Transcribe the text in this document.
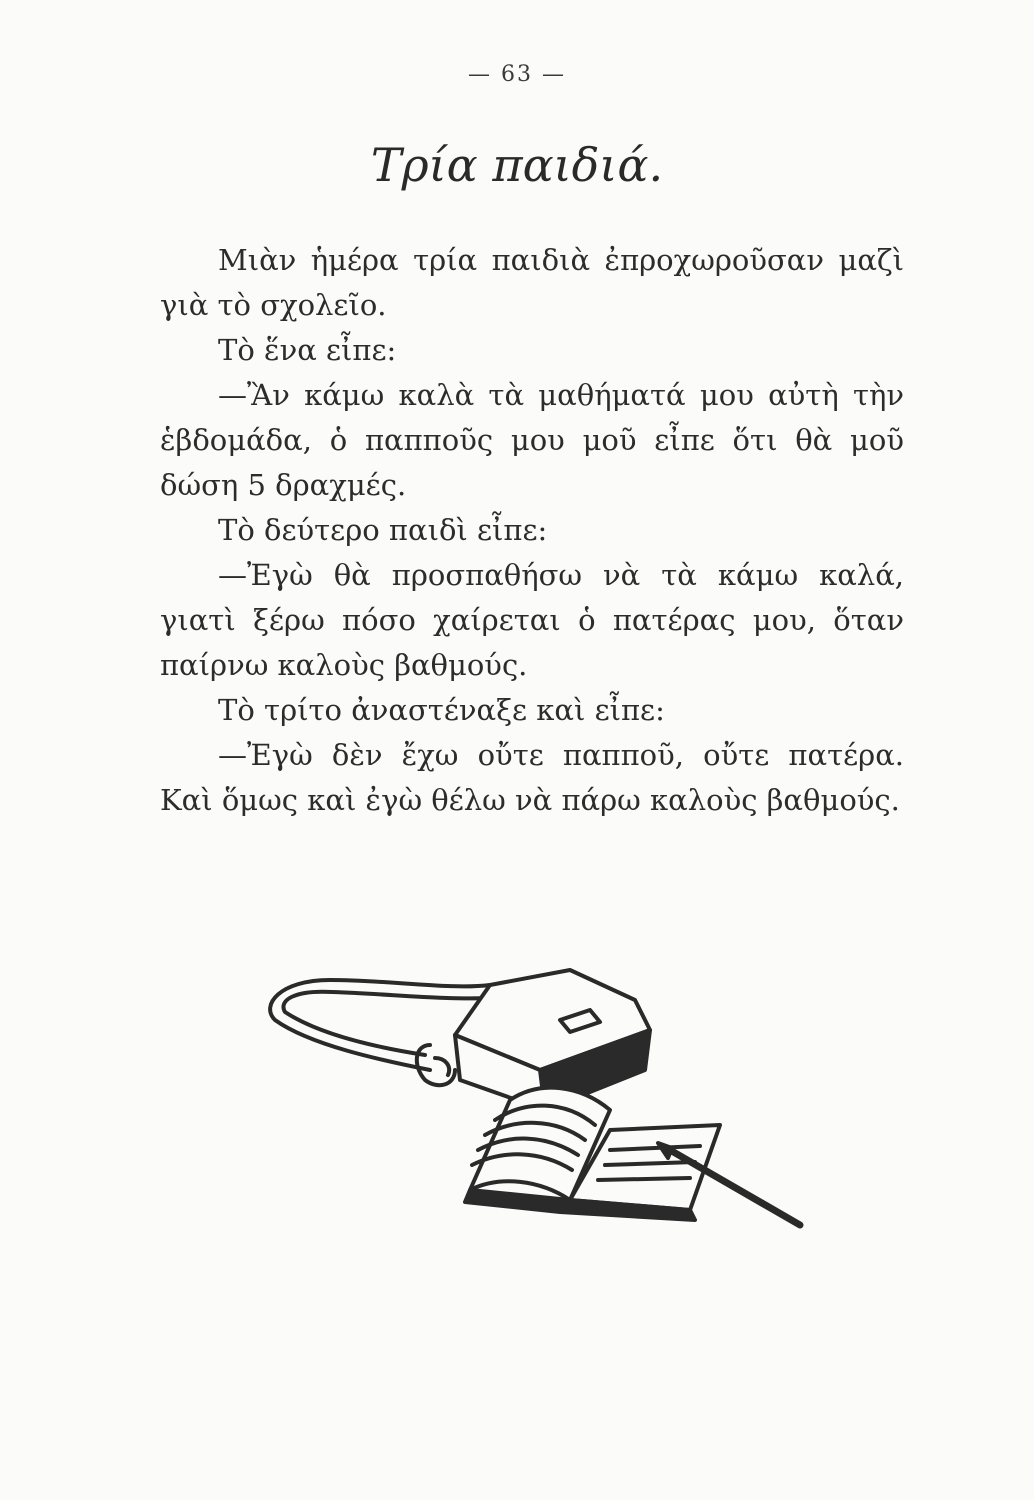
— 63 —
Τρία παιδιά.

Μιὰν ἡμέρα τρία παιδιὰ ἐπροχωροῦσαν μαζὶ γιὰ τὸ σχολεῖο.

Τὸ ἕνα εἶπε:

—Ἂν κάμω καλὰ τὰ μαθήματά μου αὐτὴ τὴν ἑβδομάδα, ὁ παπποῦς μου μοῦ εἶπε ὅτι θὰ μοῦ δώση 5 δραχμές.

Τὸ δεύτερο παιδὶ εἶπε:

—Ἐγὼ θὰ προσπαθήσω νὰ τὰ κάμω καλά, γιατὶ ξέρω πόσο χαίρεται ὁ πατέρας μου, ὅταν παίρνω καλοὺς βαθμούς.

Τὸ τρίτο ἀναστέναξε καὶ εἶπε:

—Ἐγὼ δὲν ἔχω οὔτε παπποῦ, οὔτε πατέρα. Καὶ ὅμως καὶ ἐγὼ θέλω νὰ πάρω καλοὺς βαθμούς.
